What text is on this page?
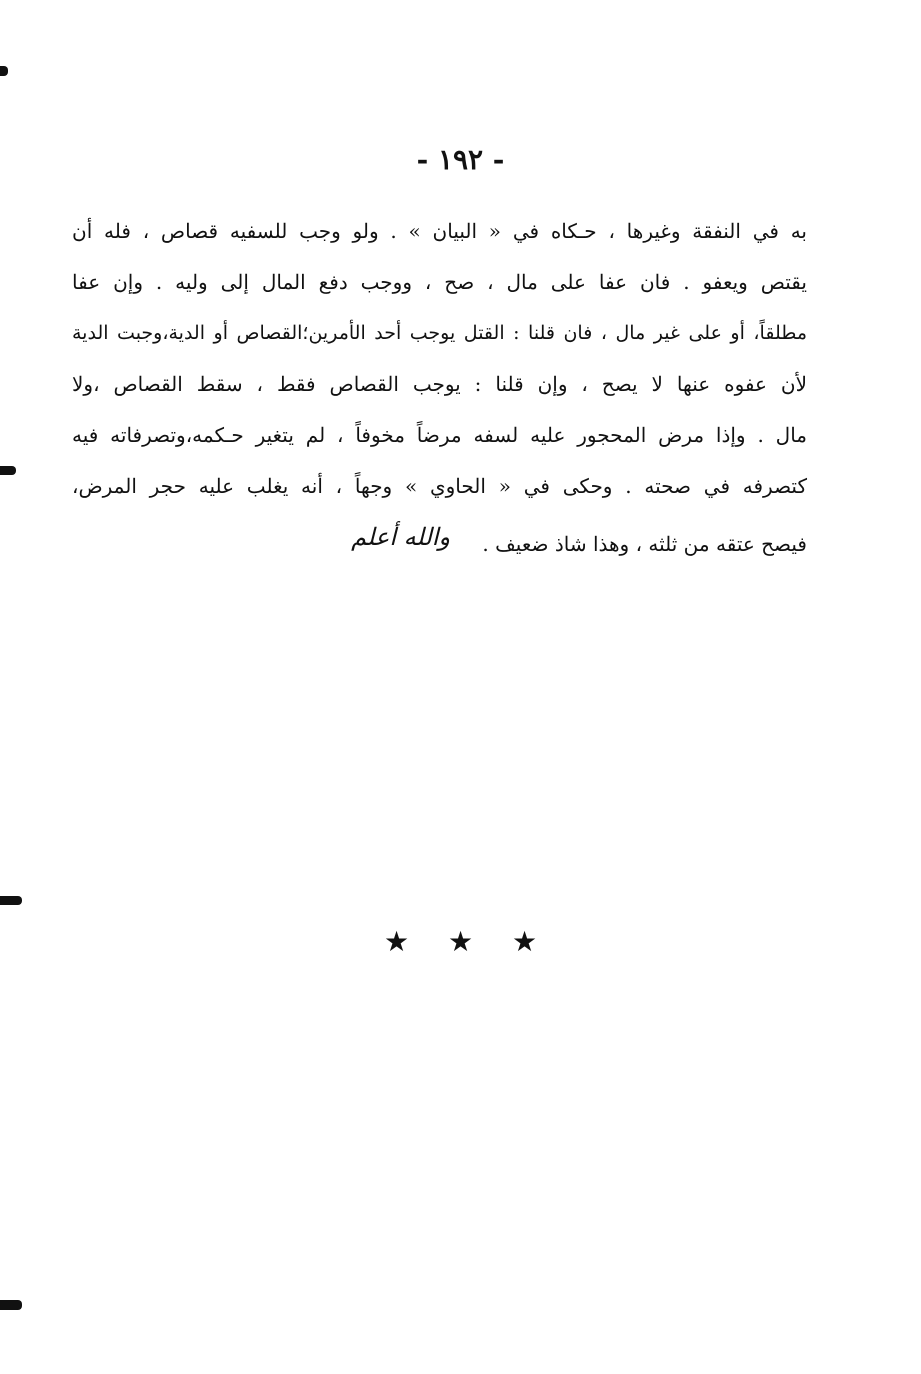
- ١٩٢ -
به في النفقة وغيرها ، حـكاه في « البيان » . ولو وجب للسفيه قصاص ، فله أن
يقتص ويعفو . فان عفا على مال ، صح ، ووجب دفع المال إلى وليه . وإن عفا
مطلقاً، أو على غير مال ، فان قلنا : القتل يوجب أحد الأمرين؛القصاص أو الدية،وجبت الدية
لأن عفوه عنها لا يصح ، وإن قلنا : يوجب القصاص فقط ، سقط القصاص ،ولا
مال . وإذا مرض المحجور عليه لسفه مرضاً مخوفاً ، لم يتغير حـكمه،وتصرفاته فيه
كتصرفه في صحته . وحكى في « الحاوي » وجهاً ، أنه يغلب عليه حجر المرض،
فيصح عتقه من ثلثه ، وهذا شاذ ضعيف . والله أعلم
★ ★ ★
